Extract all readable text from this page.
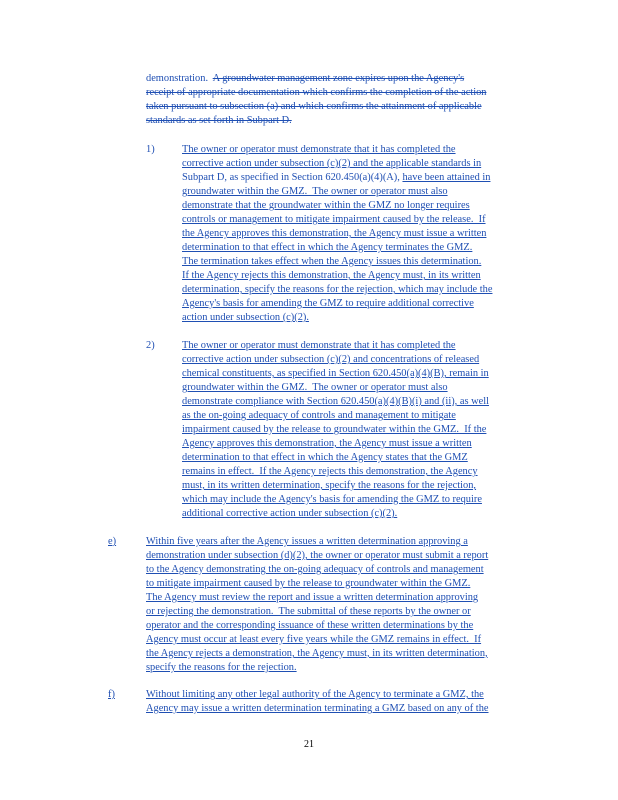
demonstration.  A groundwater management zone expires upon the Agency's
receipt of appropriate documentation which confirms the completion of the action
taken pursuant to subsection (a) and which confirms the attainment of applicable
standards as set forth in Subpart D.
1)	The owner or operator must demonstrate that it has completed the
corrective action under subsection (c)(2) and the applicable standards in
Subpart D, as specified in Section 620.450(a)(4)(A), have been attained in
groundwater within the GMZ.  The owner or operator must also
demonstrate that the groundwater within the GMZ no longer requires
controls or management to mitigate impairment caused by the release.  If
the Agency approves this demonstration, the Agency must issue a written
determination to that effect in which the Agency terminates the GMZ.
The termination takes effect when the Agency issues this determination.
If the Agency rejects this demonstration, the Agency must, in its written
determination, specify the reasons for the rejection, which may include the
Agency's basis for amending the GMZ to require additional corrective
action under subsection (c)(2).
2)	The owner or operator must demonstrate that it has completed the
corrective action under subsection (c)(2) and concentrations of released
chemical constituents, as specified in Section 620.450(a)(4)(B), remain in
groundwater within the GMZ.  The owner or operator must also
demonstrate compliance with Section 620.450(a)(4)(B)(i) and (ii), as well
as the on-going adequacy of controls and management to mitigate
impairment caused by the release to groundwater within the GMZ.  If the
Agency approves this demonstration, the Agency must issue a written
determination to that effect in which the Agency states that the GMZ
remains in effect.  If the Agency rejects this demonstration, the Agency
must, in its written determination, specify the reasons for the rejection,
which may include the Agency's basis for amending the GMZ to require
additional corrective action under subsection (c)(2).
e)	Within five years after the Agency issues a written determination approving a
demonstration under subsection (d)(2), the owner or operator must submit a report
to the Agency demonstrating the on-going adequacy of controls and management
to mitigate impairment caused by the release to groundwater within the GMZ.
The Agency must review the report and issue a written determination approving
or rejecting the demonstration.  The submittal of these reports by the owner or
operator and the corresponding issuance of these written determinations by the
Agency must occur at least every five years while the GMZ remains in effect.  If
the Agency rejects a demonstration, the Agency must, in its written determination,
specify the reasons for the rejection.
f)	Without limiting any other legal authority of the Agency to terminate a GMZ, the
Agency may issue a written determination terminating a GMZ based on any of the
21
